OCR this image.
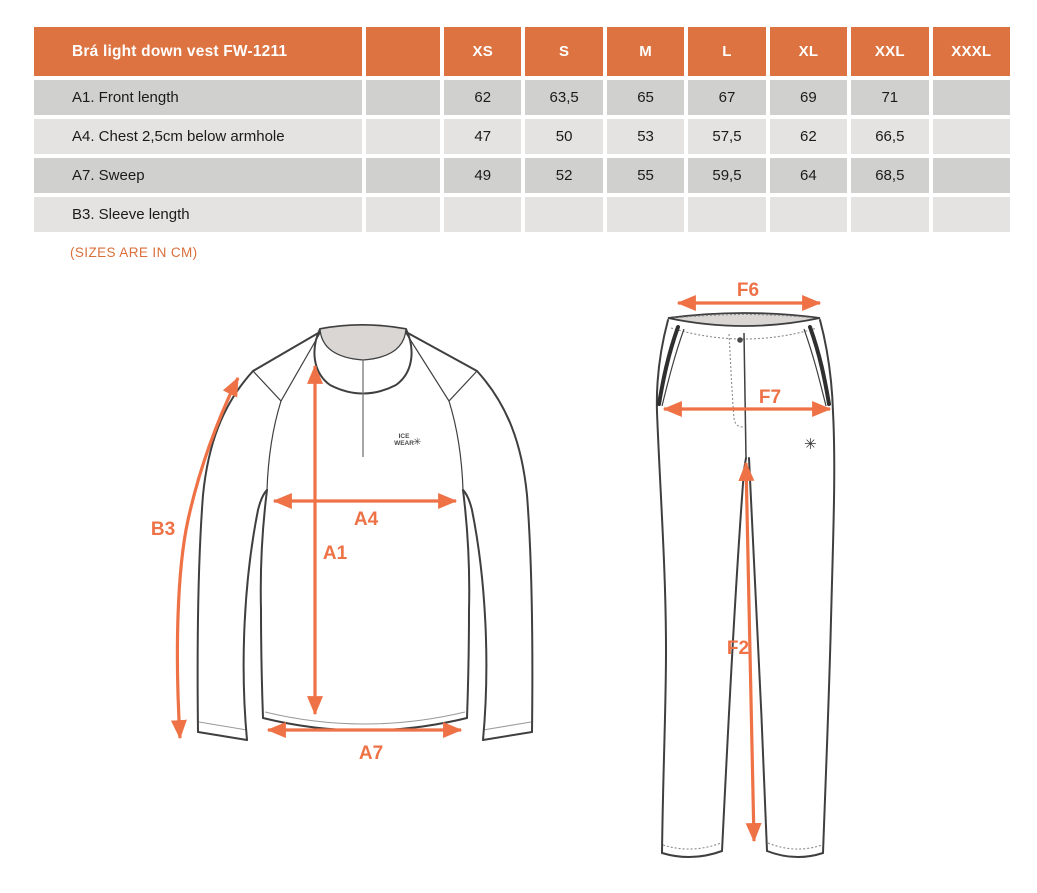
Brá light down vest FW-1211		XS	S	M	L	XL	XXL	XXXL
A1. Front length		62	63,5	65	67	69	71	
A4. Chest 2,5cm below armhole		47	50	53	57,5	62	66,5	
A7. Sweep		49	52	55	59,5	64	68,5	
B3. Sleeve length								
(SIZES ARE IN CM)
ICE
WEAR ✳
B3	A4
A1
A7
✳
F6
F7
F2
